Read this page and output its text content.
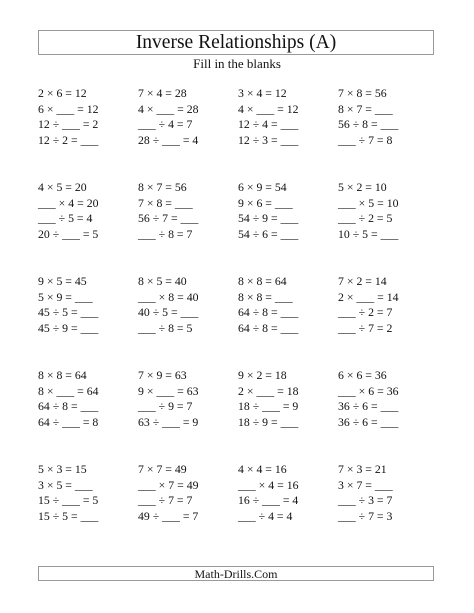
Inverse Relationships (A)
Fill in the blanks
2 × 6 = 12
6 × ___ = 12
12 ÷ ___ = 2
12 ÷ 2 = ___
7 × 4 = 28
4 × ___ = 28
___ ÷ 4 = 7
28 ÷ ___ = 4
3 × 4 = 12
4 × ___ = 12
12 ÷ 4 = ___
12 ÷ 3 = ___
7 × 8 = 56
8 × 7 = ___
56 ÷ 8 = ___
___ ÷ 7 = 8
4 × 5 = 20
___ × 4 = 20
___ ÷ 5 = 4
20 ÷ ___ = 5
8 × 7 = 56
7 × 8 = ___
56 ÷ 7 = ___
___ ÷ 8 = 7
6 × 9 = 54
9 × 6 = ___
54 ÷ 9 = ___
54 ÷ 6 = ___
5 × 2 = 10
___ × 5 = 10
___ ÷ 2 = 5
10 ÷ 5 = ___
9 × 5 = 45
5 × 9 = ___
45 ÷ 5 = ___
45 ÷ 9 = ___
8 × 5 = 40
___ × 8 = 40
40 ÷ 5 = ___
___ ÷ 8 = 5
8 × 8 = 64
8 × 8 = ___
64 ÷ 8 = ___
64 ÷ 8 = ___
7 × 2 = 14
2 × ___ = 14
___ ÷ 2 = 7
___ ÷ 7 = 2
8 × 8 = 64
8 × ___ = 64
64 ÷ 8 = ___
64 ÷ ___ = 8
7 × 9 = 63
9 × ___ = 63
___ ÷ 9 = 7
63 ÷ ___ = 9
9 × 2 = 18
2 × ___ = 18
18 ÷ ___ = 9
18 ÷ 9 = ___
6 × 6 = 36
___ × 6 = 36
36 ÷ 6 = ___
36 ÷ 6 = ___
5 × 3 = 15
3 × 5 = ___
15 ÷ ___ = 5
15 ÷ 5 = ___
7 × 7 = 49
___ × 7 = 49
___ ÷ 7 = 7
49 ÷ ___ = 7
4 × 4 = 16
___ × 4 = 16
16 ÷ ___ = 4
___ ÷ 4 = 4
7 × 3 = 21
3 × 7 = ___
___ ÷ 3 = 7
___ ÷ 7 = 3
Math-Drills.Com
